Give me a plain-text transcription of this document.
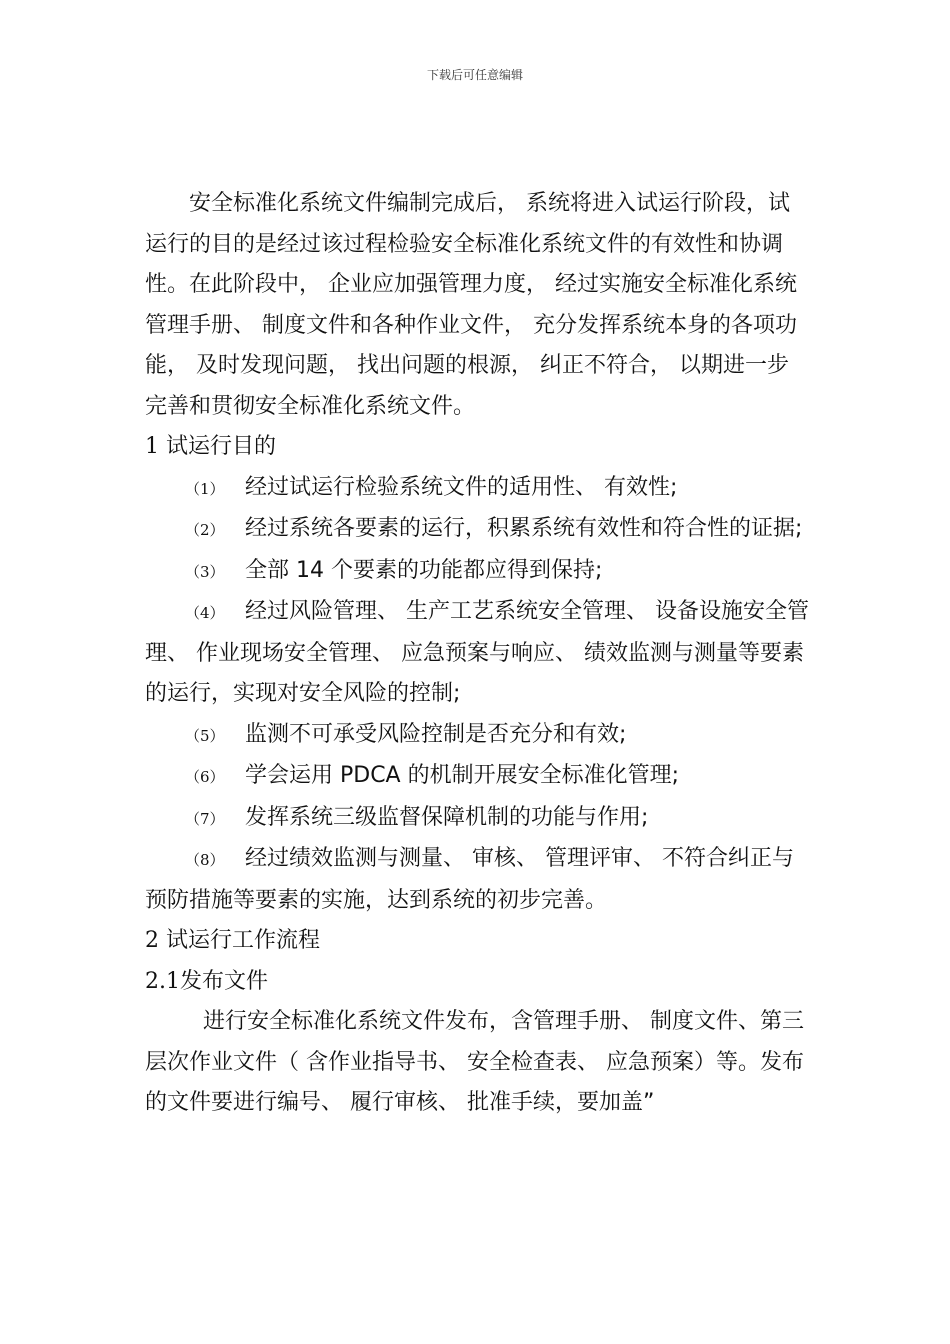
下载后可任意编辑

安全标准化系统文件编制完成后， 系统将进入试运行阶段，试运行的目的是经过该过程检验安全标准化系统文件的有效性和协调性。在此阶段中， 企业应加强管理力度， 经过实施安全标准化系统管理手册、 制度文件和各种作业文件， 充分发挥系统本身的各项功能， 及时发现问题， 找出问题的根源， 纠正不符合， 以期进一步完善和贯彻安全标准化系统文件。

1 试运行目的

（1） 经过试运行检验系统文件的适用性、 有效性;

（2） 经过系统各要素的运行，积累系统有效性和符合性的证据;

（3） 全部 14 个要素的功能都应得到保持;

（4） 经过风险管理、 生产工艺系统安全管理、 设备设施安全管理、 作业现场安全管理、 应急预案与响应、 绩效监测与测量等要素的运行，实现对安全风险的控制;

（5） 监测不可承受风险控制是否充分和有效;

（6） 学会运用 PDCA 的机制开展安全标准化管理;

（7） 发挥系统三级监督保障机制的功能与作用;

（8） 经过绩效监测与测量、 审核、 管理评审、 不符合纠正与预防措施等要素的实施，达到系统的初步完善。

2 试运行工作流程

2.1发布文件

进行安全标准化系统文件发布，含管理手册、 制度文件、第三层次作业文件（ 含作业指导书、 安全检查表、 应急预案）等。发布的文件要进行编号、 履行审核、 批准手续，要加盖”
